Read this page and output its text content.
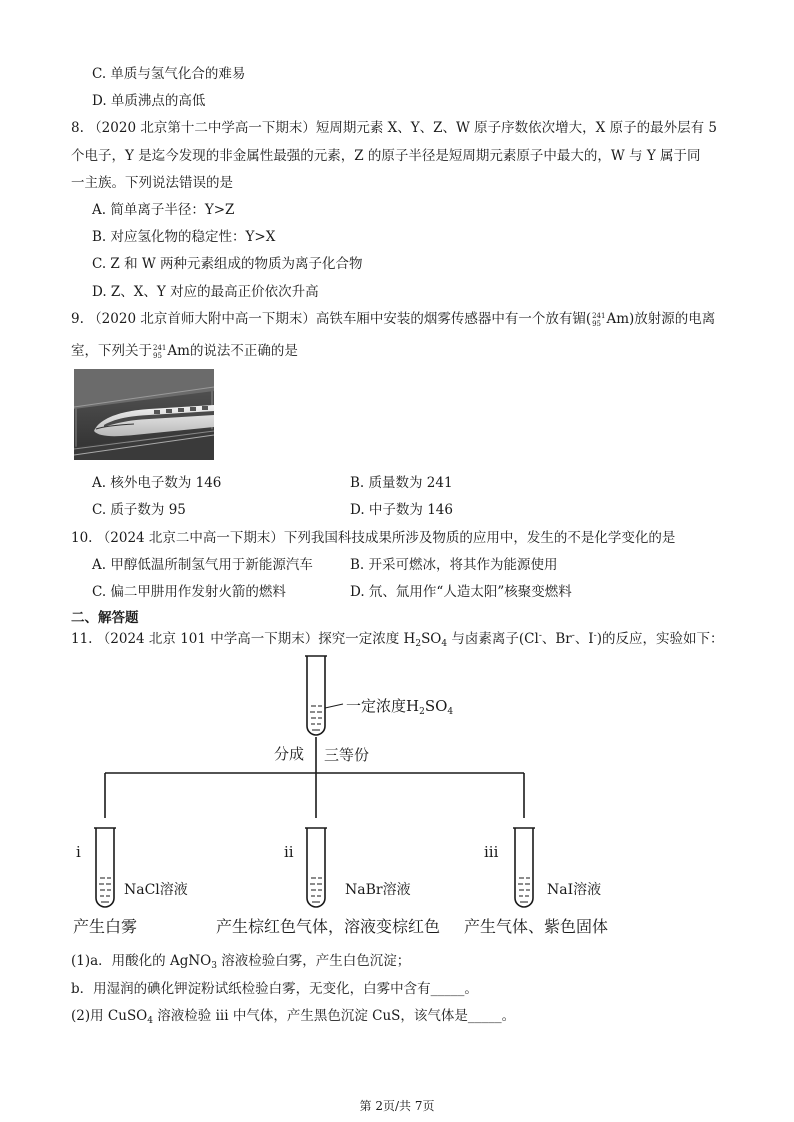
C. 单质与氢气化合的难易
D. 单质沸点的高低
8. （2020 北京第十二中学高一下期末）短周期元素 X、Y、Z、W 原子序数依次增大，X 原子的最外层有 5
个电子，Y 是迄今发现的非金属性最强的元素，Z 的原子半径是短周期元素原子中最大的，W 与 Y 属于同
一主族。下列说法错误的是
A. 简单离子半径：Y>Z
B. 对应氢化物的稳定性：Y>X
C. Z 和 W 两种元素组成的物质为离子化合物
D. Z、X、Y 对应的最高正价依次升高
9. （2020 北京首师大附中高一下期末）高铁车厢中安装的烟雾传感器中有一个放有镅(241
95 Am)放射源的电离
室，下列关于241
95 Am的说法不正确的是
A. 核外电子数为 146	B. 质量数为 241
C. 质子数为 95	D. 中子数为 146
10. （2024 北京二中高一下期末）下列我国科技成果所涉及物质的应用中，发生的不是化学变化的是
A. 甲醇低温所制氢气用于新能源汽车	B. 开采可燃冰，将其作为能源使用
C. 偏二甲肼用作发射火箭的燃料	D. 氘、氚用作“人造太阳”核聚变燃料
二、解答题
11. （2024 北京 101 中学高一下期末）探究一定浓度 $H_2SO_4$ 与卤素离子(Cl-、Br-、I-)的反应，实验如下：
一定浓度$H_2SO_4$
分成 三等份
i	ii	iii
NaCl溶液	NaBr溶液	NaI溶液
产生白雾	产生棕红色气体，溶液变棕红色 产生气体、紫色固体
(1)a．用酸化的 AgNO$_3$ 溶液检验白雾，产生白色沉淀；
b．用湿润的碘化钾淀粉试纸检验白雾，无变化，白雾中含有_____。
(2)用 CuSO$_4$ 溶液检验 iii 中气体，产生黑色沉淀 CuS，该气体是_____。
第 2页/共 7页
